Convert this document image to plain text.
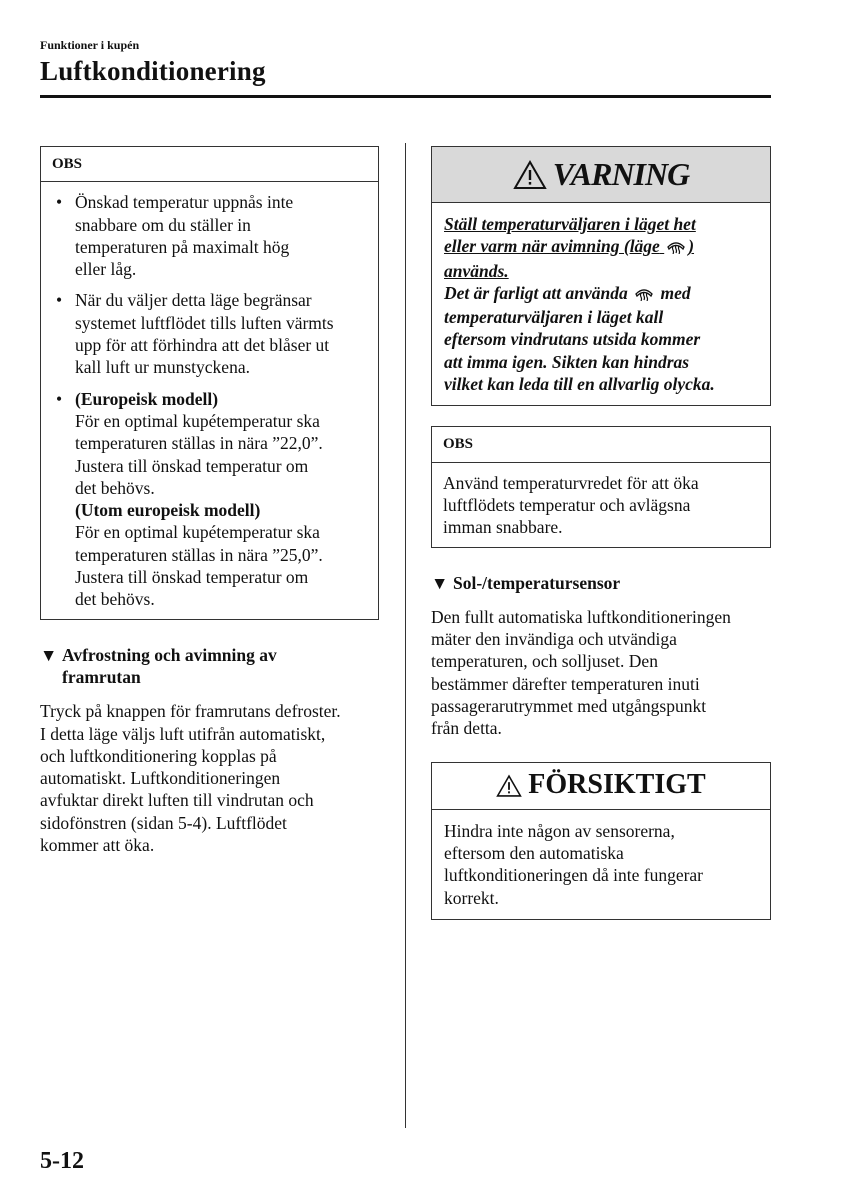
Funktioner i kupén
Luftkonditionering
OBS
• Önskad temperatur uppnås inte
snabbare om du ställer in
temperaturen på maximalt hög
eller låg.
• När du väljer detta läge begränsar
systemet luftflödet tills luften värmts
upp för att förhindra att det blåser ut
kall luft ur munstyckena.
• (Europeisk modell)
För en optimal kupétemperatur ska
temperaturen ställas in nära ”22,0”.
Justera till önskad temperatur om
det behövs.
(Utom europeisk modell)
För en optimal kupétemperatur ska
temperaturen ställas in nära ”25,0”.
Justera till önskad temperatur om
det behövs.
▼ Avfrostning och avimning av
framrutan
Tryck på knappen för framrutans defroster.
I detta läge väljs luft utifrån automatiskt,
och luftkonditionering kopplas på
automatiskt. Luftkonditioneringen
avfuktar direkt luften till vindrutan och
sidofönstren (sidan 5-4). Luftflödet
kommer att öka.
VARNING
Ställ temperaturväljaren i läget het
eller varm när avimning (läge )
används.
Det är farligt att använda med
temperaturväljaren i läget kall
eftersom vindrutans utsida kommer
att imma igen. Sikten kan hindras
vilket kan leda till en allvarlig olycka.
OBS
Använd temperaturvredet för att öka
luftflödets temperatur och avlägsna
imman snabbare.
▼ Sol-/temperatursensor
Den fullt automatiska luftkonditioneringen
mäter den invändiga och utvändiga
temperaturen, och solljuset. Den
bestämmer därefter temperaturen inuti
passagerarutrymmet med utgångspunkt
från detta.
FÖRSIKTIGT
Hindra inte någon av sensorerna,
eftersom den automatiska
luftkonditioneringen då inte fungerar
korrekt.
5-12
